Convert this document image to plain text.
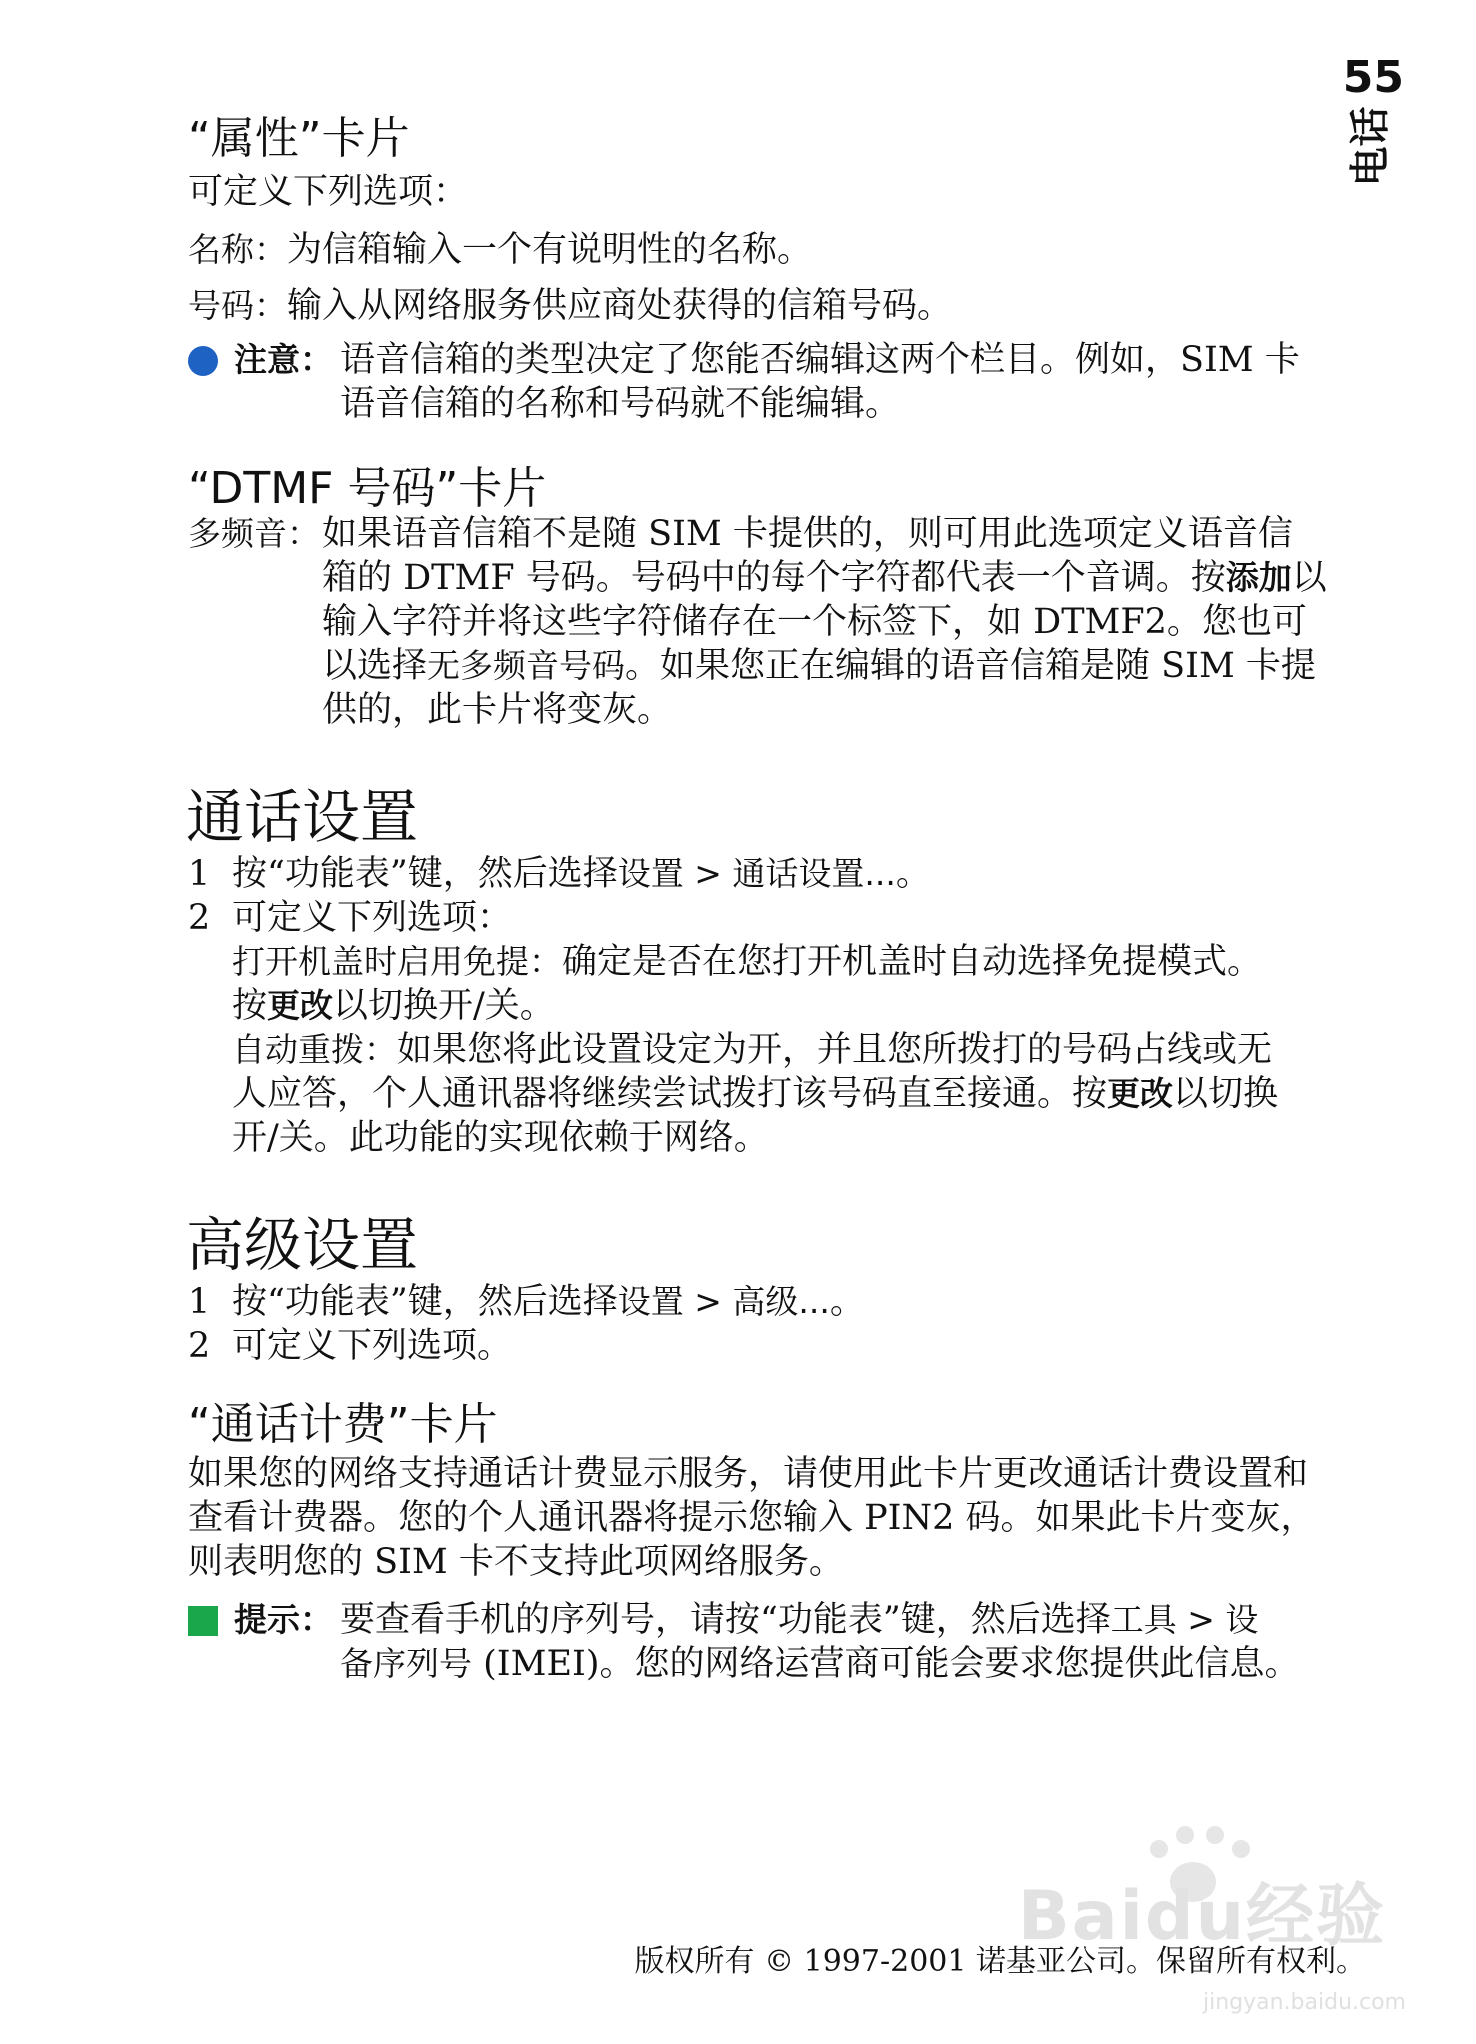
55
电话
“属性”卡片
可定义下列选项：
名称：为信箱输入一个有说明性的名称。
号码：输入从网络服务供应商处获得的信箱号码。
注意： 语音信箱的类型决定了您能否编辑这两个栏目。例如，SIM 卡
语音信箱的名称和号码就不能编辑。
“DTMF 号码”卡片
多频音： 如果语音信箱不是随 SIM 卡提供的，则可用此选项定义语音信
箱的 DTMF 号码。号码中的每个字符都代表一个音调。按添加以
输入字符并将这些字符储存在一个标签下，如 DTMF2。您也可
以选择无多频音号码。如果您正在编辑的语音信箱是随 SIM 卡提
供的，此卡片将变灰。
通话设置
1 按“功能表”键，然后选择设置 > 通话设置...。
2 可定义下列选项：
打开机盖时启用免提：确定是否在您打开机盖时自动选择免提模式。
按更改以切换开/关。
自动重拨：如果您将此设置设定为开，并且您所拨打的号码占线或无
人应答，个人通讯器将继续尝试拨打该号码直至接通。按更改以切换
开/关。此功能的实现依赖于网络。
高级设置
1 按“功能表”键，然后选择设置 > 高级...。
2 可定义下列选项。
“通话计费”卡片
如果您的网络支持通话计费显示服务，请使用此卡片更改通话计费设置和
查看计费器。您的个人通讯器将提示您输入 PIN2 码。如果此卡片变灰，
则表明您的 SIM 卡不支持此项网络服务。
提示： 要查看手机的序列号，请按“功能表”键，然后选择工具 > 设
备序列号 (IMEI)。您的网络运营商可能会要求您提供此信息。
Baidu经验
jingyan.baidu.com
版权所有 © 1997-2001 诺基亚公司。保留所有权利。
